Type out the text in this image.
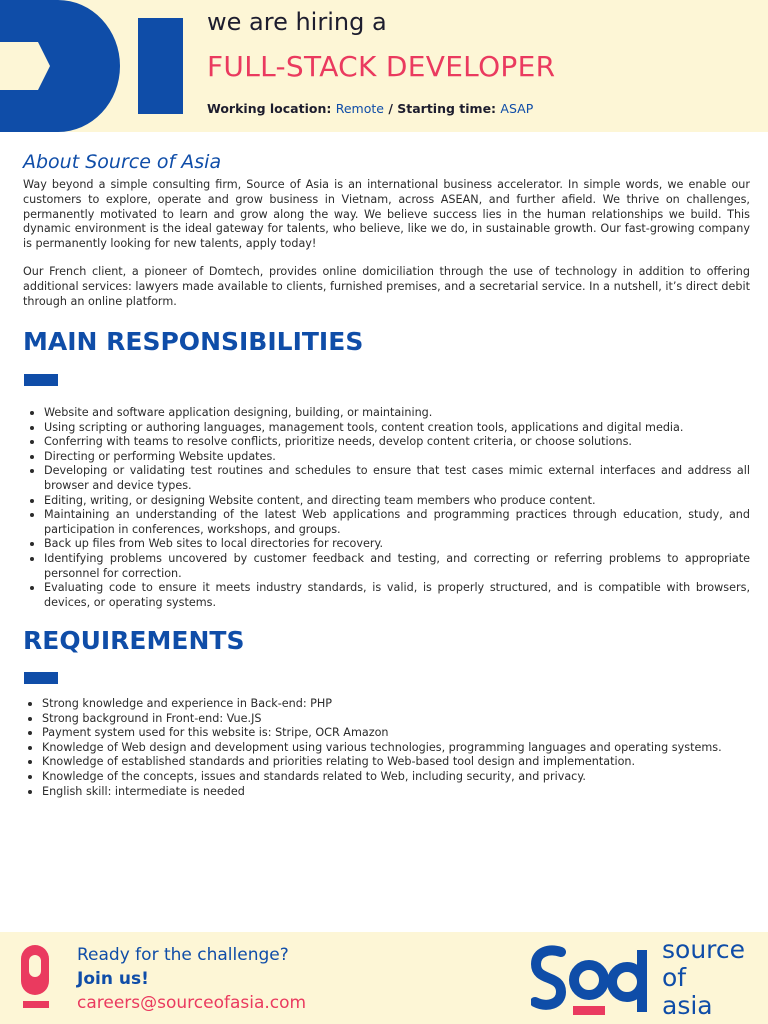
we are hiring a
FULL-STACK DEVELOPER
Working location: Remote / Starting time: ASAP
About Source of Asia

Way beyond a simple consulting firm, Source of Asia is an international business accelerator. In simple words, we enable our customers to explore, operate and grow business in Vietnam, across ASEAN, and further afield. We thrive on challenges, permanently motivated to learn and grow along the way. We believe success lies in the human relationships we build. This dynamic environment is the ideal gateway for talents, who believe, like we do, in sustainable growth. Our fast-growing company is permanently looking for new talents, apply today!

Our French client, a pioneer of Domtech, provides online domiciliation through the use of technology in addition to offering additional services: lawyers made available to clients, furnished premises, and a secretarial service. In a nutshell, it’s direct debit through an online platform.

MAIN RESPONSIBILITIES
Website and software application designing, building, or maintaining.
Using scripting or authoring languages, management tools, content creation tools, applications and digital media.
Conferring with teams to resolve conflicts, prioritize needs, develop content criteria, or choose solutions.
Directing or performing Website updates.
Developing or validating test routines and schedules to ensure that test cases mimic external interfaces and address all browser and device types.
Editing, writing, or designing Website content, and directing team members who produce content.
Maintaining an understanding of the latest Web applications and programming practices through education, study, and participation in conferences, workshops, and groups.
Back up files from Web sites to local directories for recovery.
Identifying problems uncovered by customer feedback and testing, and correcting or referring problems to appropriate personnel for correction.
Evaluating code to ensure it meets industry standards, is valid, is properly structured, and is compatible with browsers, devices, or operating systems.
REQUIREMENTS
Strong knowledge and experience in Back-end: PHP
Strong background in Front-end: Vue.JS
Payment system used for this website is: Stripe, OCR Amazon
Knowledge of Web design and development using various technologies, programming languages and operating systems.
Knowledge of established standards and priorities relating to Web-based tool design and implementation.
Knowledge of the concepts, issues and standards related to Web, including security, and privacy.
English skill: intermediate is needed
Ready for the challenge?
Join us!
careers@sourceofasia.com
source
of
asia
